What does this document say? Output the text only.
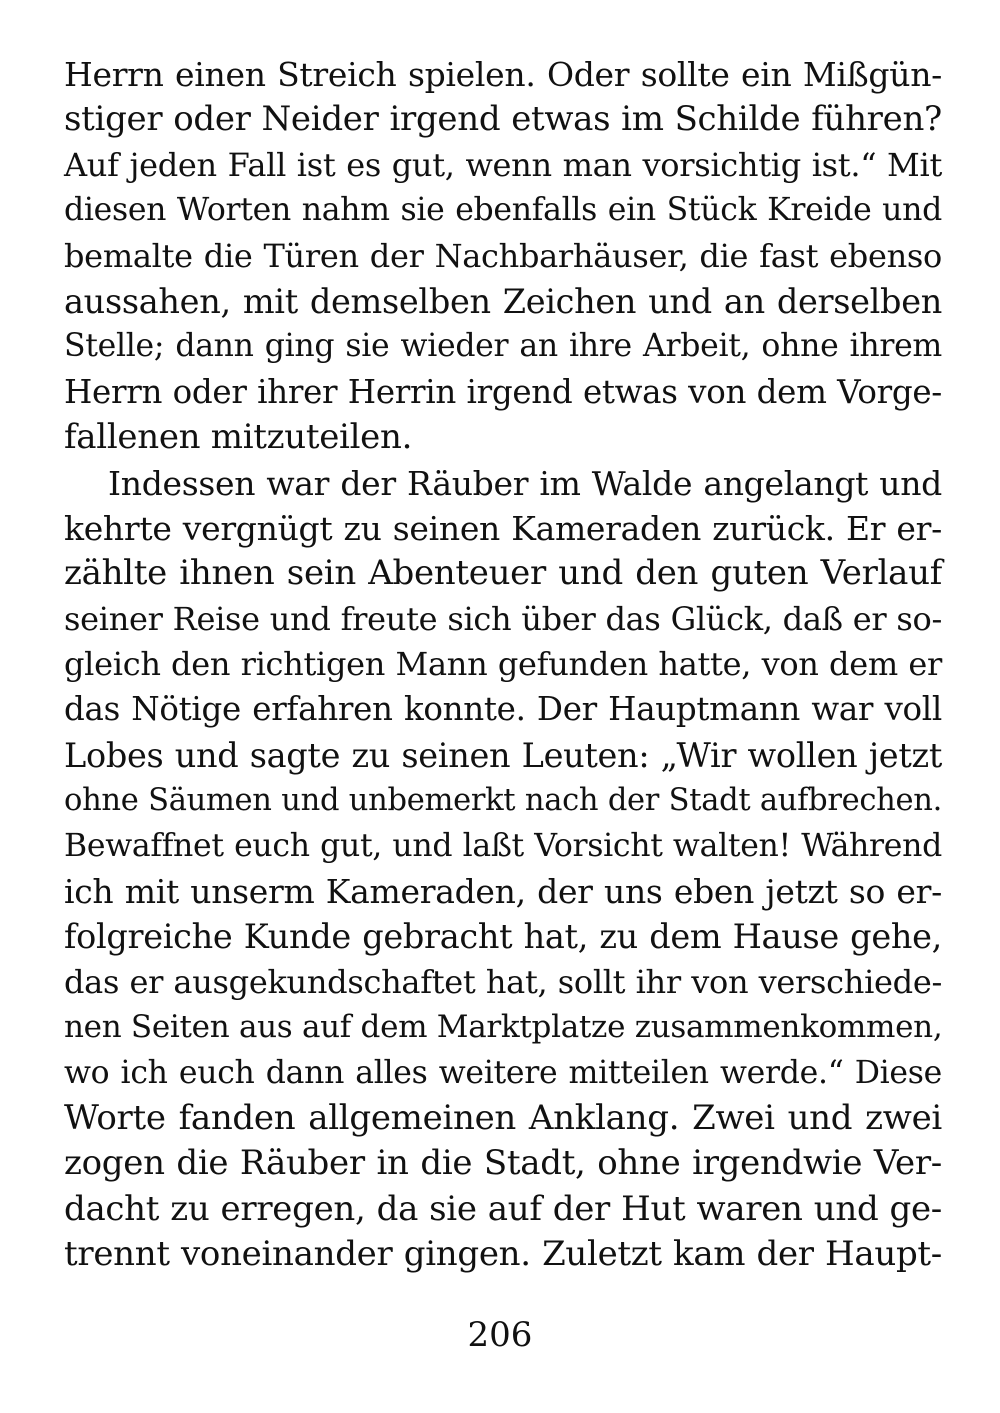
Herrn einen Streich spielen. Oder sollte ein Mißgün-
stiger oder Neider irgend etwas im Schilde führen?
Auf jeden Fall ist es gut, wenn man vorsichtig ist.“ Mit
diesen Worten nahm sie ebenfalls ein Stück Kreide und
bemalte die Türen der Nachbarhäuser, die fast ebenso
aussahen, mit demselben Zeichen und an derselben
Stelle; dann ging sie wieder an ihre Arbeit, ohne ihrem
Herrn oder ihrer Herrin irgend etwas von dem Vorge-
fallenen mitzuteilen.
Indessen war der Räuber im Walde angelangt und
kehrte vergnügt zu seinen Kameraden zurück. Er er-
zählte ihnen sein Abenteuer und den guten Verlauf
seiner Reise und freute sich über das Glück, daß er so-
gleich den richtigen Mann gefunden hatte, von dem er
das Nötige erfahren konnte. Der Hauptmann war voll
Lobes und sagte zu seinen Leuten: „Wir wollen jetzt
ohne Säumen und unbemerkt nach der Stadt aufbrechen.
Bewaffnet euch gut, und laßt Vorsicht walten! Während
ich mit unserm Kameraden, der uns eben jetzt so er-
folgreiche Kunde gebracht hat, zu dem Hause gehe,
das er ausgekundschaftet hat, sollt ihr von verschiede-
nen Seiten aus auf dem Marktplatze zusammenkommen,
wo ich euch dann alles weitere mitteilen werde.“ Diese
Worte fanden allgemeinen Anklang. Zwei und zwei
zogen die Räuber in die Stadt, ohne irgendwie Ver-
dacht zu erregen, da sie auf der Hut waren und ge-
trennt voneinander gingen. Zuletzt kam der Haupt-
206
